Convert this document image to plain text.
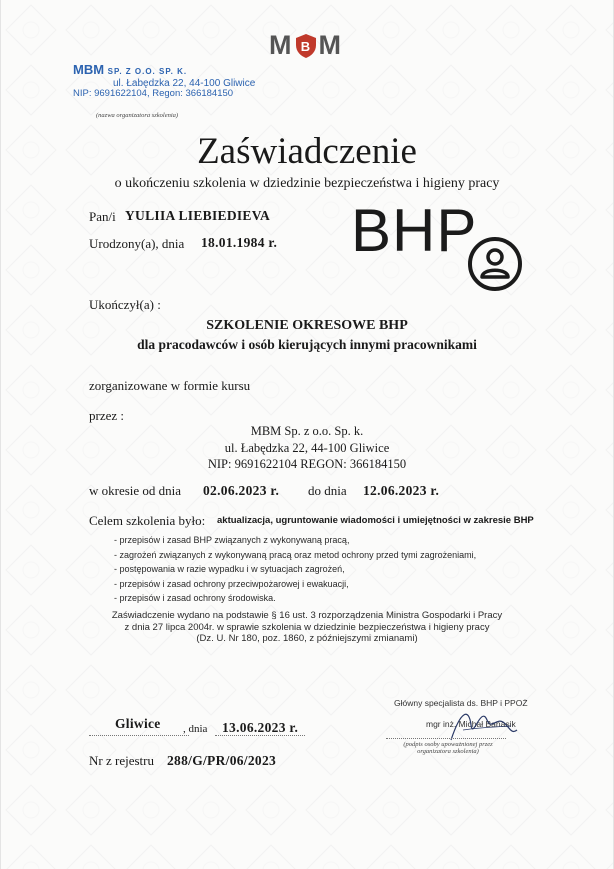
M B M
MBM SP. Z O.O. SP. K.
ul. Łabędzka 22, 44-100 Gliwice
NIP: 9691622104, Regon: 366184150
(nazwa organizatora szkolenia)
Zaświadczenie
o ukończeniu szkolenia w dziedzinie bezpieczeństwa i higieny pracy
Pan/i YULIIA LIEBIEDIEVA
Urodzony(a), dnia 18.01.1984 r. BHP
Ukończył(a) :
SZKOLENIE OKRESOWE BHP
dla pracodawców i osób kierujących innymi pracownikami
zorganizowane w formie kursu
przez :
MBM Sp. z o.o. Sp. k.
ul. Łabędzka 22, 44-100 Gliwice
NIP: 9691622104 REGON: 366184150
w okresie od dnia 02.06.2023 r. do dnia 12.06.2023 r.
Celem szkolenia było: aktualizacja, ugruntowanie wiadomości i umiejętności w zakresie BHP
- przepisów i zasad BHP związanych z wykonywaną pracą,
- zagrożeń związanych z wykonywaną pracą oraz metod ochrony przed tymi zagrożeniami,
- postępowania w razie wypadku i w sytuacjach zagrożeń,
- przepisów i zasad ochrony przeciwpożarowej i ewakuacji,
- przepisów i zasad ochrony środowiska.
Zaświadczenie wydano na podstawie § 16 ust. 3 rozporządzenia Ministra Gospodarki i Pracy
z dnia 27 lipca 2004r. w sprawie szkolenia w dziedzinie bezpieczeństwa i higieny pracy
(Dz. U. Nr 180, poz. 1860, z późniejszymi zmianami)
Główny specjalista ds. BHP i PPOŻ
mgr inż. Michał Banasik
(podpis osoby upoważnionej przez
organizatora szkolenia)
Gliwice , dnia 13.06.2023 r.
Nr z rejestru 288/G/PR/06/2023
